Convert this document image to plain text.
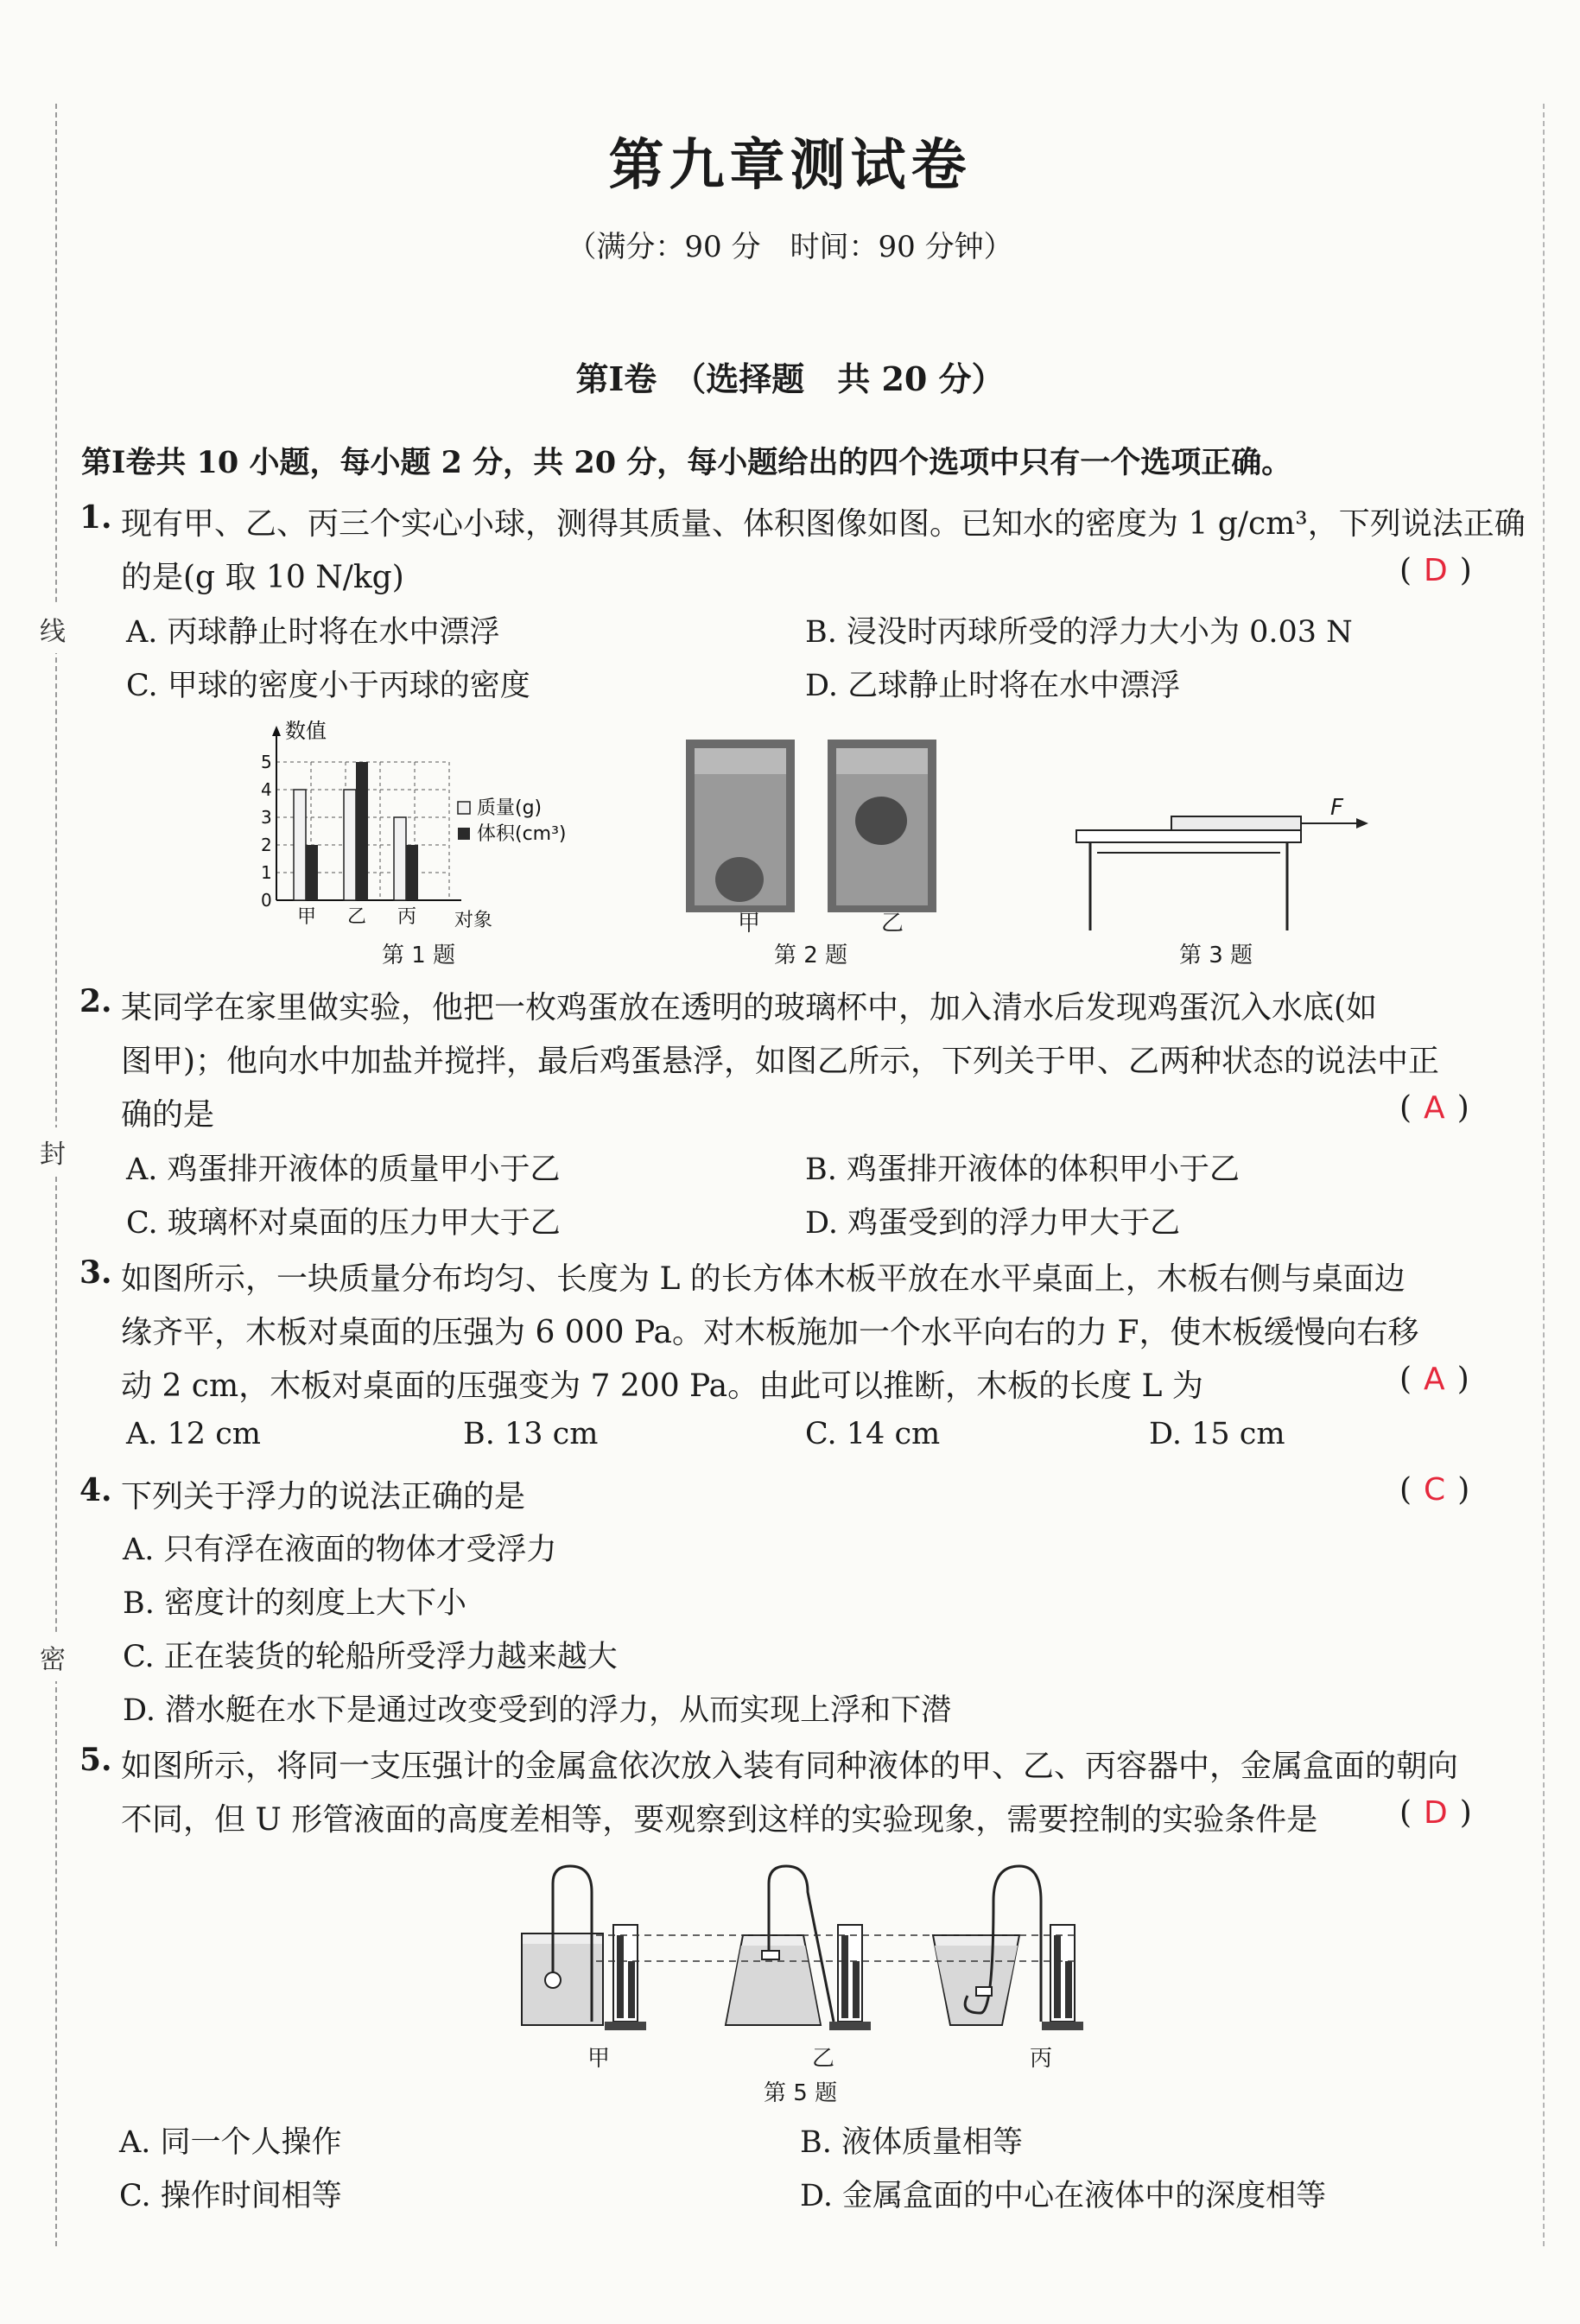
线
封
密
第九章测试卷
（满分：90 分　时间：90 分钟）
第Ⅰ卷　（选择题　共 20 分）
第Ⅰ卷共 10 小题，每小题 2 分，共 20 分，每小题给出的四个选项中只有一个选项正确。
1. 现有甲、乙、丙三个实心小球，测得其质量、体积图像如图。已知水的密度为 1 g/cm³，下列说法正确
的是(g 取 10 N/kg)	( D )
A. 丙球静止时将在水中漂浮	B. 浸没时丙球所受的浮力大小为 0.03 N
C. 甲球的密度小于丙球的密度	D. 乙球静止时将在水中漂浮
数值
对象
0
1
2
3
4
5
甲 乙 丙
质量(g)
体积(cm³)
第 1 题
甲	乙
第 2 题
F
第 3 题
2. 某同学在家里做实验，他把一枚鸡蛋放在透明的玻璃杯中，加入清水后发现鸡蛋沉入水底(如
图甲)；他向水中加盐并搅拌，最后鸡蛋悬浮，如图乙所示，下列关于甲、乙两种状态的说法中正
确的是	( A )
A. 鸡蛋排开液体的质量甲小于乙	B. 鸡蛋排开液体的体积甲小于乙
C. 玻璃杯对桌面的压力甲大于乙	D. 鸡蛋受到的浮力甲大于乙
3. 如图所示，一块质量分布均匀、长度为 L 的长方体木板平放在水平桌面上，木板右侧与桌面边
缘齐平，木板对桌面的压强为 6 000 Pa。对木板施加一个水平向右的力 F，使木板缓慢向右移
动 2 cm，木板对桌面的压强变为 7 200 Pa。由此可以推断，木板的长度 L 为	( A )
A. 12 cm	B. 13 cm	C. 14 cm	D. 15 cm
4. 下列关于浮力的说法正确的是	( C )
A. 只有浮在液面的物体才受浮力
B. 密度计的刻度上大下小
C. 正在装货的轮船所受浮力越来越大
D. 潜水艇在水下是通过改变受到的浮力，从而实现上浮和下潜
5. 如图所示，将同一支压强计的金属盒依次放入装有同种液体的甲、乙、丙容器中，金属盒面的朝向
不同，但 U 形管液面的高度差相等，要观察到这样的实验现象，需要控制的实验条件是	( D )
甲	乙	丙
第 5 题
A. 同一个人操作	B. 液体质量相等
C. 操作时间相等	D. 金属盒面的中心在液体中的深度相等
